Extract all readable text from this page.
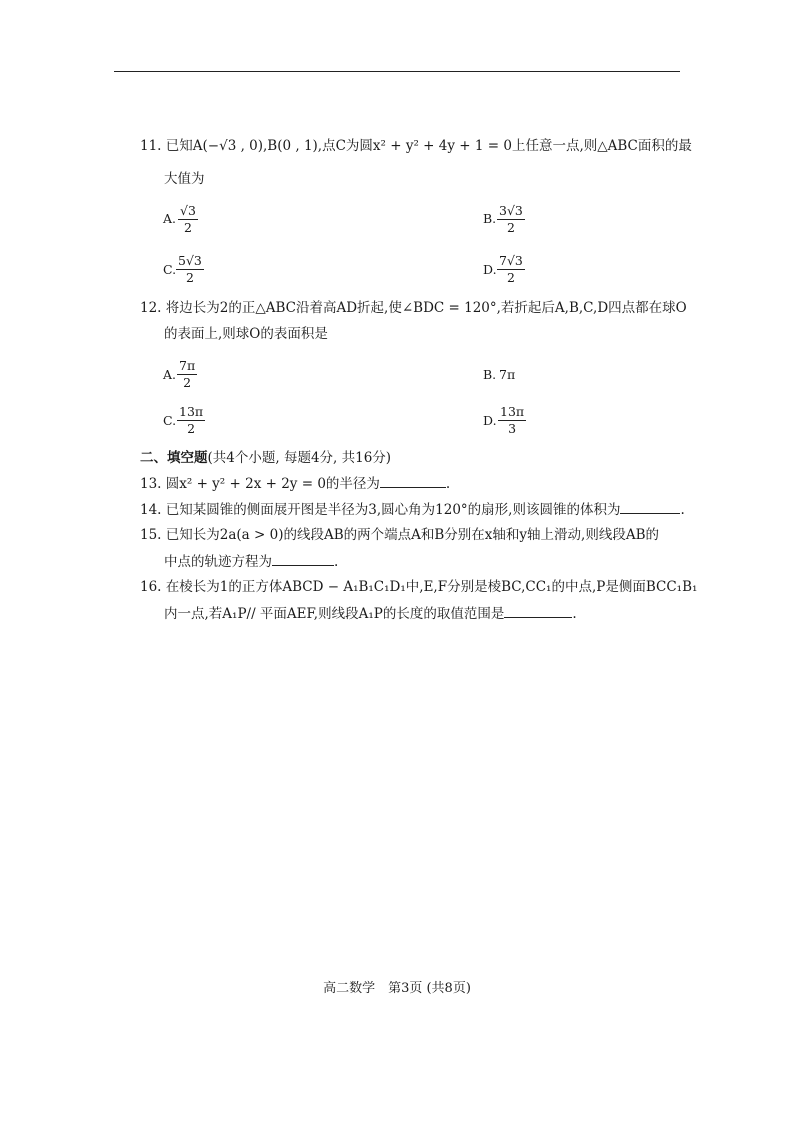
11. 已知A(−√3 , 0),B(0 , 1),点C为圆x² + y² + 4y + 1 = 0上任意一点,则△ABC面积的最
大值为
A. $\frac{√3}{2}$	B. $\frac{3√3}{2}$
C. $\frac{5√3}{2}$	D. $\frac{7√3}{2}$
12. 将边长为2的正△ABC沿着高AD折起,使∠BDC = 120°,若折起后A,B,C,D四点都在球O
的表面上,则球O的表面积是
A. $\frac{7\pi}{2}$	B. 7π
C. $\frac{13\pi}{2}$	D. $\frac{13\pi}{3}$
二、填空题(共4个小题, 每题4分, 共16分)
13. 圆x² + y² + 2x + 2y = 0的半径为	.
14. 已知某圆锥的侧面展开图是半径为3,圆心角为120°的扇形,则该圆锥的体积为	.
15. 已知长为2a(a > 0)的线段AB的两个端点A和B分别在x轴和y轴上滑动,则线段AB的
中点的轨迹方程为	.
16. 在棱长为1的正方体ABCD − A₁B₁C₁D₁中,E,F分别是棱BC,CC₁的中点,P是侧面BCC₁B₁
内一点,若A₁P// 平面AEF,则线段A₁P的长度的取值范围是	.
高二数学　第3页 (共8页)
